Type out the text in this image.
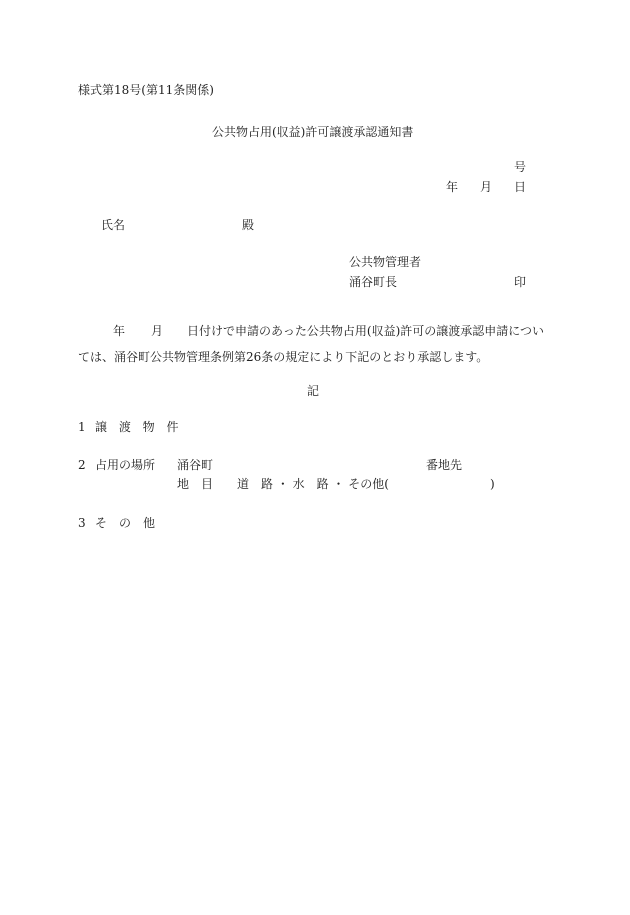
様式第18号(第11条関係)
公共物占用(収益)許可譲渡承認通知書
号
年 月 日
氏名	殿
公共物管理者
涌谷町長	印
年 月 日付けで申請のあった公共物占用(収益)許可の譲渡承認申請については、涌谷町公共物管理条例第26条の規定により下記のとおり承認します。
記
1 譲 渡 物 件
2 占用の場所 涌谷町	番地先
地　目 道　路 ・ 水　路 ・ その他(	)
3 そ　の　他
